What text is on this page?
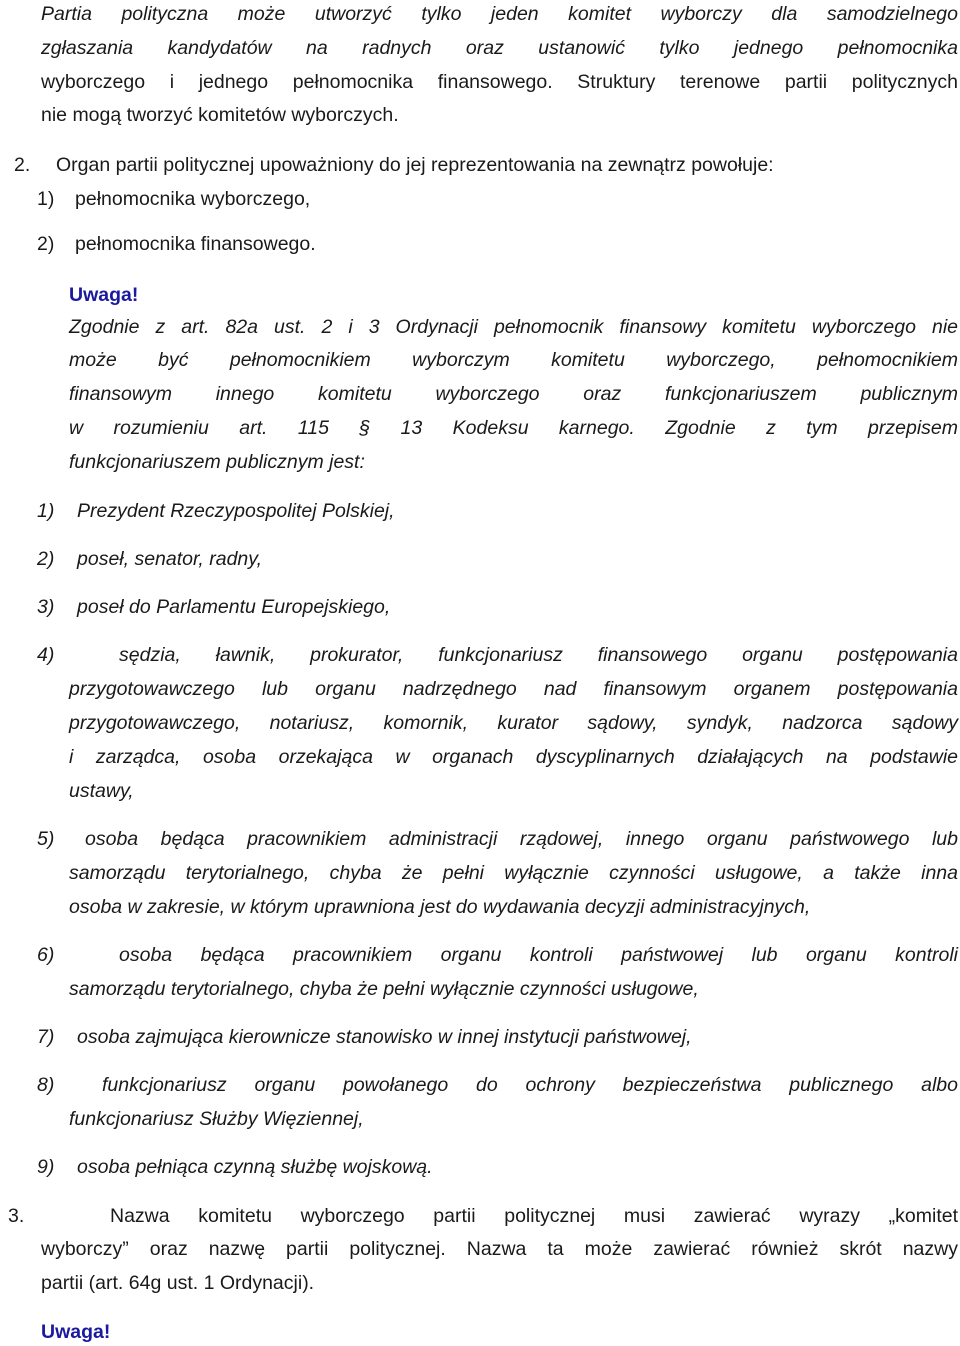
Partia polityczna może utworzyć tylko jeden komitet wyborczy dla samodzielnego
zgłaszania kandydatów na radnych oraz ustanowić tylko jednego pełnomocnika
wyborczego i jednego pełnomocnika finansowego. Struktury terenowe partii politycznych
nie mogą tworzyć komitetów wyborczych.
2. Organ partii politycznej upoważniony do jej reprezentowania na zewnątrz powołuje:
1) pełnomocnika wyborczego,
2) pełnomocnika finansowego.
Uwaga!
Zgodnie z art. 82a ust. 2 i 3 Ordynacji pełnomocnik finansowy komitetu wyborczego nie
może być pełnomocnikiem wyborczym komitetu wyborczego, pełnomocnikiem
finansowym innego komitetu wyborczego oraz funkcjonariuszem publicznym
w rozumieniu art. 115 § 13 Kodeksu karnego. Zgodnie z tym przepisem
funkcjonariuszem publicznym jest:
1) Prezydent Rzeczypospolitej Polskiej,
2) poseł, senator, radny,
3) poseł do Parlamentu Europejskiego,
4)	sędzia, ławnik, prokurator, funkcjonariusz finansowego organu postępowania
przygotowawczego lub organu nadrzędnego nad finansowym organem postępowania
przygotowawczego, notariusz, komornik, kurator sądowy, syndyk, nadzorca sądowy
i zarządca, osoba orzekająca w organach dyscyplinarnych działających na podstawie
ustawy,
5) osoba będąca pracownikiem administracji rządowej, innego organu państwowego lub
samorządu terytorialnego, chyba że pełni wyłącznie czynności usługowe, a także inna
osoba w zakresie, w którym uprawniona jest do wydawania decyzji administracyjnych,
6)	osoba będąca pracownikiem organu kontroli państwowej lub organu kontroli
samorządu terytorialnego, chyba że pełni wyłącznie czynności usługowe,
7) osoba zajmująca kierownicze stanowisko w innej instytucji państwowej,
8) funkcjonariusz organu powołanego do ochrony bezpieczeństwa publicznego albo
funkcjonariusz Służby Więziennej,
9) osoba pełniąca czynną służbę wojskową.
3.	Nazwa komitetu wyborczego partii politycznej musi zawierać wyrazy „komitet
wyborczy” oraz nazwę partii politycznej. Nazwa ta może zawierać również skrót nazwy
partii (art. 64g ust. 1 Ordynacji).
Uwaga!
